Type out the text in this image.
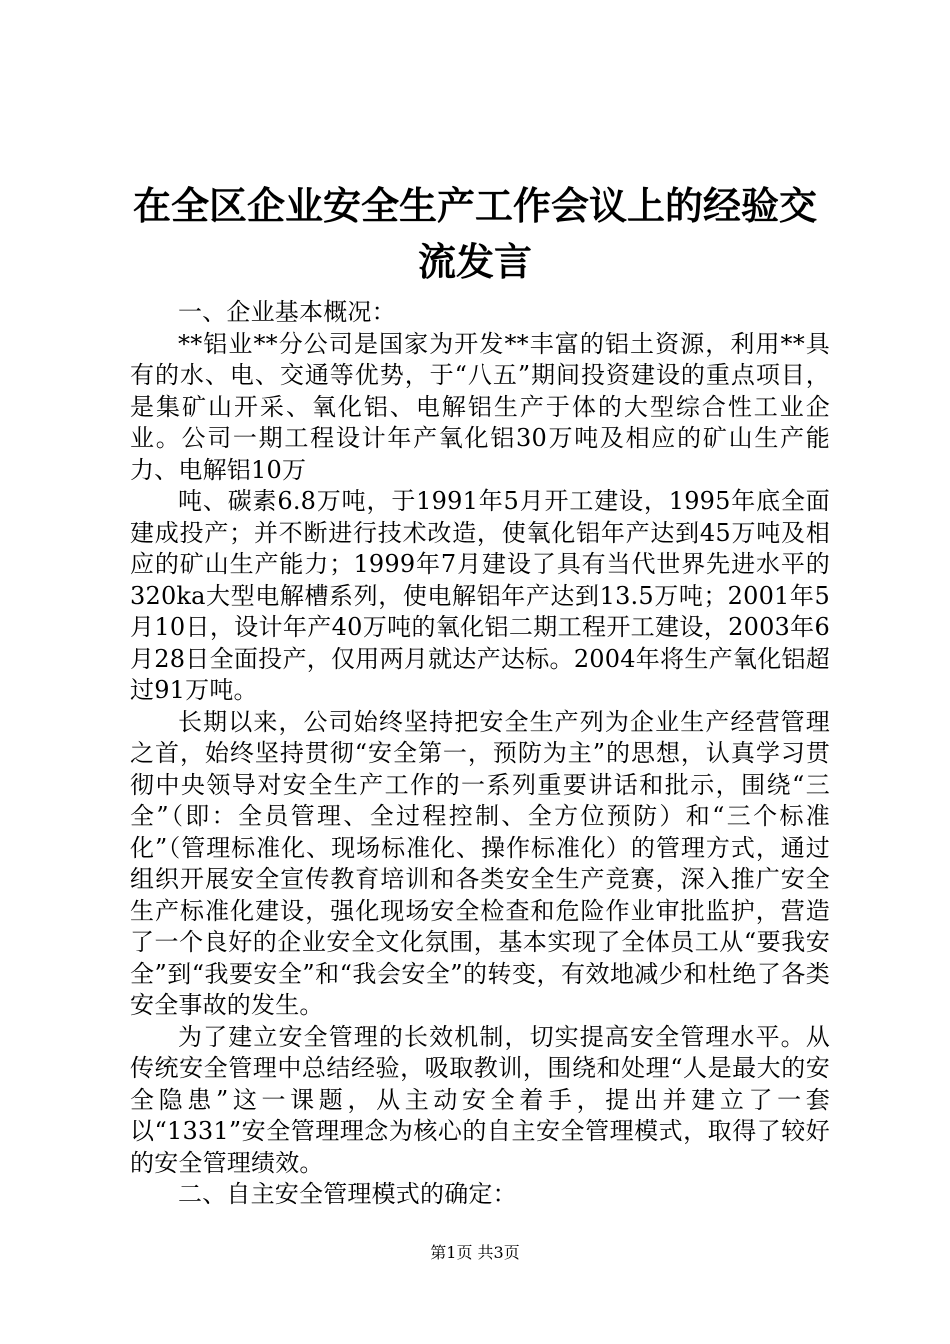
在全区企业安全生产工作会议上的经验交流发言

一、企业基本概况：

**铝业**分公司是国家为开发**丰富的铝土资源，利用**具有的水、电、交通等优势，于“八五”期间投资建设的重点项目，是集矿山开采、氧化铝、电解铝生产于体的大型综合性工业企业。公司一期工程设计年产氧化铝30万吨及相应的矿山生产能力、电解铝10万

吨、碳素6.8万吨，于1991年5月开工建设，1995年底全面建成投产；并不断进行技术改造，使氧化铝年产达到45万吨及相应的矿山生产能力；1999年7月建设了具有当代世界先进水平的320ka大型电解槽系列，使电解铝年产达到13.5万吨；2001年5月10日，设计年产40万吨的氧化铝二期工程开工建设，2003年6月28日全面投产，仅用两月就达产达标。2004年将生产氧化铝超过91万吨。

长期以来，公司始终坚持把安全生产列为企业生产经营管理之首，始终坚持贯彻“安全第一，预防为主”的思想，认真学习贯彻中央领导对安全生产工作的一系列重要讲话和批示，围绕“三全”（即：全员管理、全过程控制、全方位预防）和“三个标准化”（管理标准化、现场标准化、操作标准化）的管理方式，通过组织开展安全宣传教育培训和各类安全生产竞赛，深入推广安全生产标准化建设，强化现场安全检查和危险作业审批监护，营造了一个良好的企业安全文化氛围，基本实现了全体员工从“要我安全”到“我要安全”和“我会安全”的转变，有效地减少和杜绝了各类安全事故的发生。

为了建立安全管理的长效机制，切实提高安全管理水平。从传统安全管理中总结经验，吸取教训，围绕和处理“人是最大的安全隐患”这一课题，从主动安全着手，提出并建立了一套以“1331”安全管理理念为核心的自主安全管理模式，取得了较好的安全管理绩效。

二、自主安全管理模式的确定：

第1页 共3页
